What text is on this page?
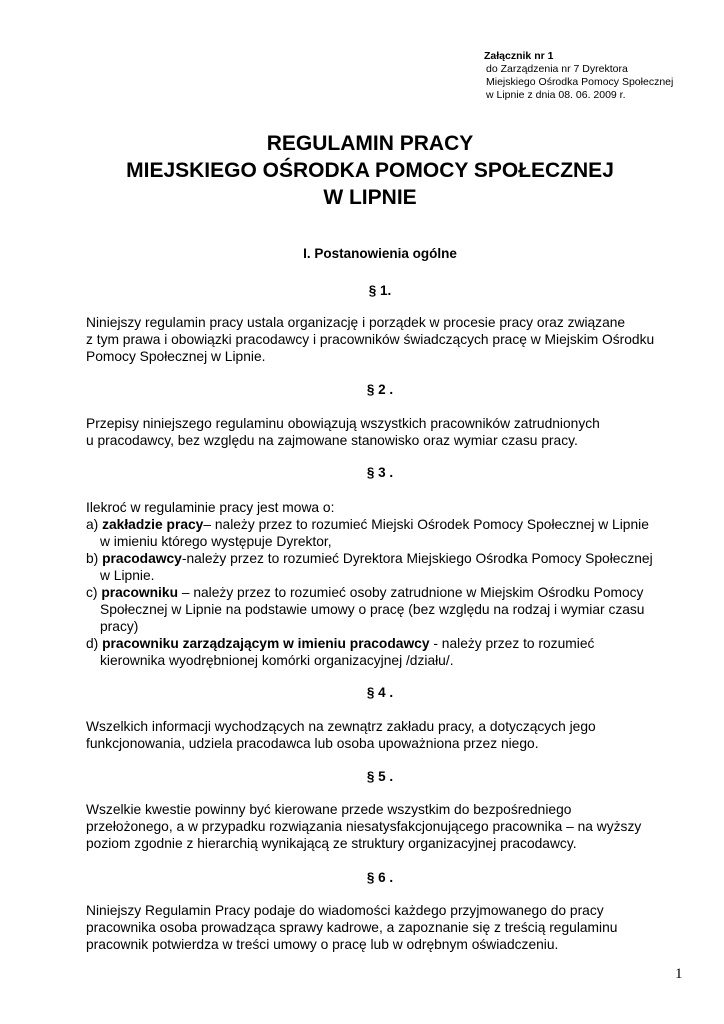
Załącznik nr 1
do Zarządzenia nr 7 Dyrektora
Miejskiego Ośrodka Pomocy Społecznej
w Lipnie z dnia 08. 06. 2009 r.
REGULAMIN PRACY
MIEJSKIEGO OŚRODKA POMOCY SPOŁECZNEJ
W LIPNIE
I. Postanowienia ogólne
§ 1.
Niniejszy regulamin pracy ustala organizację i porządek w procesie pracy oraz związane
z tym prawa i obowiązki pracodawcy i pracowników świadczących pracę w Miejskim Ośrodku
Pomocy Społecznej w Lipnie.
§ 2 .
Przepisy niniejszego regulaminu obowiązują wszystkich pracowników zatrudnionych
u pracodawcy, bez względu na zajmowane stanowisko oraz wymiar czasu pracy.
§ 3 .
Ilekroć w regulaminie pracy jest mowa o:
a) zakładzie pracy– należy przez to rozumieć Miejski Ośrodek Pomocy Społecznej w Lipnie
w imieniu którego występuje Dyrektor,
b) pracodawcy-należy przez to rozumieć Dyrektora Miejskiego Ośrodka Pomocy Społecznej
w Lipnie.
c) pracowniku – należy przez to rozumieć osoby zatrudnione w Miejskim Ośrodku Pomocy
Społecznej w Lipnie na podstawie umowy o pracę (bez względu na rodzaj i wymiar czasu
pracy)
d) pracowniku zarządzającym w imieniu pracodawcy - należy przez to rozumieć
kierownika wyodrębnionej komórki organizacyjnej /działu/.
§ 4 .
Wszelkich informacji wychodzących na zewnątrz zakładu pracy, a dotyczących jego
funkcjonowania, udziela pracodawca lub osoba upoważniona przez niego.
§ 5 .
Wszelkie kwestie powinny być kierowane przede wszystkim do bezpośredniego
przełożonego, a w przypadku rozwiązania niesatysfakcjonującego pracownika – na wyższy
poziom zgodnie z hierarchią wynikającą ze struktury organizacyjnej pracodawcy.
§ 6 .
Niniejszy Regulamin Pracy podaje do wiadomości każdego przyjmowanego do pracy
pracownika osoba prowadząca sprawy kadrowe, a zapoznanie się z treścią regulaminu
pracownik potwierdza w treści umowy o pracę lub w odrębnym oświadczeniu.
1
